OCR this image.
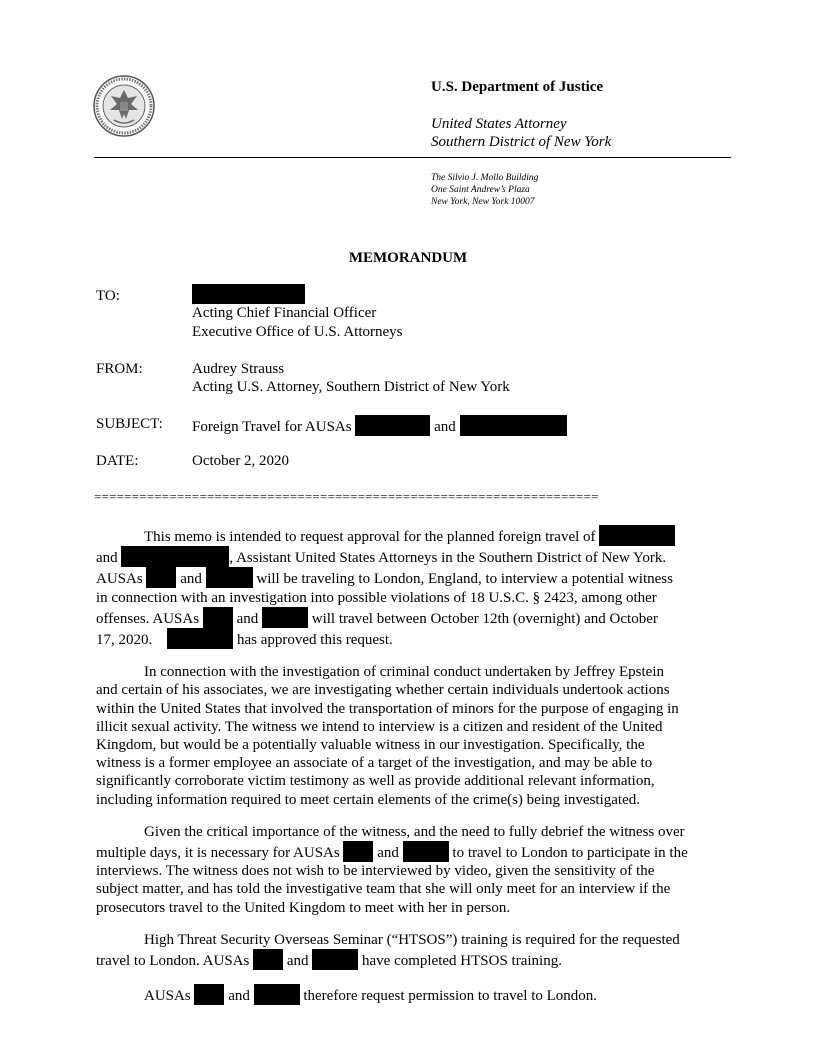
U.S. Department of Justice
United States Attorney
Southern District of New York
The Silvio J. Mollo Building
One Saint Andrew’s Plaza
New York, New York 10007
MEMORANDUM
TO:
Acting Chief Financial Officer
Executive Office of U.S. Attorneys
FROM:	Audrey Strauss
Acting U.S. Attorney, Southern District of New York
SUBJECT: Foreign Travel for AUSAs	and
DATE:	October 2, 2020
===================================================================
This memo is intended to request approval for the planned foreign travel of
and	, Assistant United States Attorneys in the Southern District of New York.
AUSAs	and	will be traveling to London, England, to interview a potential witness
in connection with an investigation into possible violations of 18 U.S.C. § 2423, among other
offenses. AUSAs	and	will travel between October 12th (overnight) and October
17, 2020.	has approved this request.
In connection with the investigation of criminal conduct undertaken by Jeffrey Epstein
and certain of his associates, we are investigating whether certain individuals undertook actions
within the United States that involved the transportation of minors for the purpose of engaging in
illicit sexual activity. The witness we intend to interview is a citizen and resident of the United
Kingdom, but would be a potentially valuable witness in our investigation. Specifically, the
witness is a former employee an associate of a target of the investigation, and may be able to
significantly corroborate victim testimony as well as provide additional relevant information,
including information required to meet certain elements of the crime(s) being investigated.
Given the critical importance of the witness, and the need to fully debrief the witness over
multiple days, it is necessary for AUSAs	and	to travel to London to participate in the
interviews. The witness does not wish to be interviewed by video, given the sensitivity of the
subject matter, and has told the investigative team that she will only meet for an interview if the
prosecutors travel to the United Kingdom to meet with her in person.
High Threat Security Overseas Seminar (“HTSOS”) training is required for the requested
travel to London. AUSAs	and	have completed HTSOS training.
AUSAs	and	therefore request permission to travel to London.
